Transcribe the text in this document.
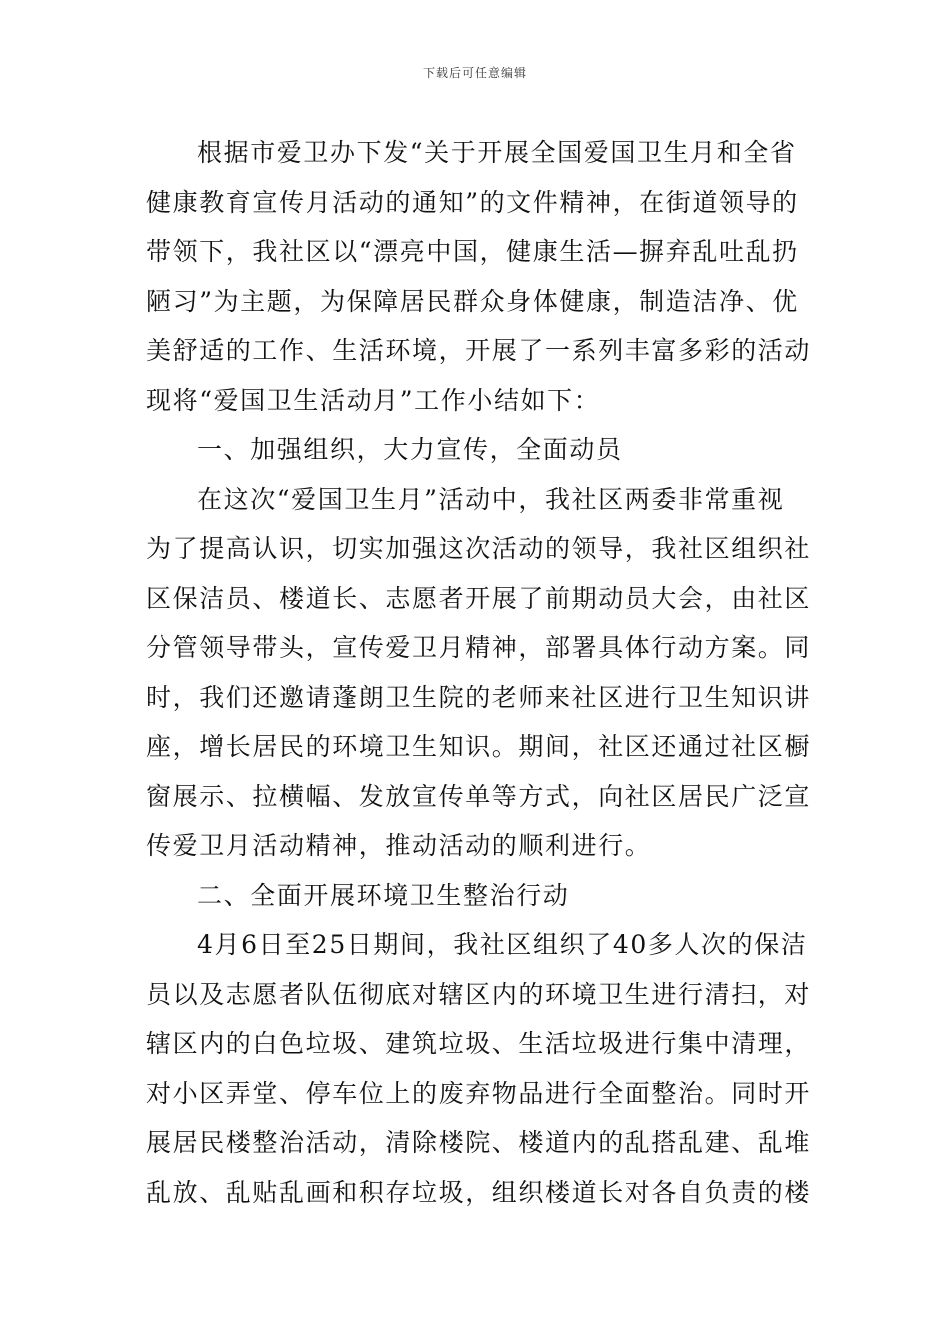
下载后可任意编辑
根据市爱卫办下发“关于开展全国爱国卫生月和全省
健康教育宣传月活动的通知”的文件精神，在街道领导的
带领下，我社区以“漂亮中国，健康生活—摒弃乱吐乱扔
陋习”为主题，为保障居民群众身体健康，制造洁净、优
美舒适的工作、生活环境，开展了一系列丰富多彩的活动
现将“爱国卫生活动月”工作小结如下：
一、加强组织，大力宣传，全面动员
在这次“爱国卫生月”活动中，我社区两委非常重视
为了提高认识，切实加强这次活动的领导，我社区组织社
区保洁员、楼道长、志愿者开展了前期动员大会，由社区
分管领导带头，宣传爱卫月精神，部署具体行动方案。同
时，我们还邀请蓬朗卫生院的老师来社区进行卫生知识讲
座，增长居民的环境卫生知识。期间，社区还通过社区橱
窗展示、拉横幅、发放宣传单等方式，向社区居民广泛宣
传爱卫月活动精神，推动活动的顺利进行。
二、全面开展环境卫生整治行动
4月6日至25日期间，我社区组织了40多人次的保洁
员以及志愿者队伍彻底对辖区内的环境卫生进行清扫，对
辖区内的白色垃圾、建筑垃圾、生活垃圾进行集中清理，
对小区弄堂、停车位上的废弃物品进行全面整治。同时开
展居民楼整治活动，清除楼院、楼道内的乱搭乱建、乱堆
乱放、乱贴乱画和积存垃圾，组织楼道长对各自负责的楼
